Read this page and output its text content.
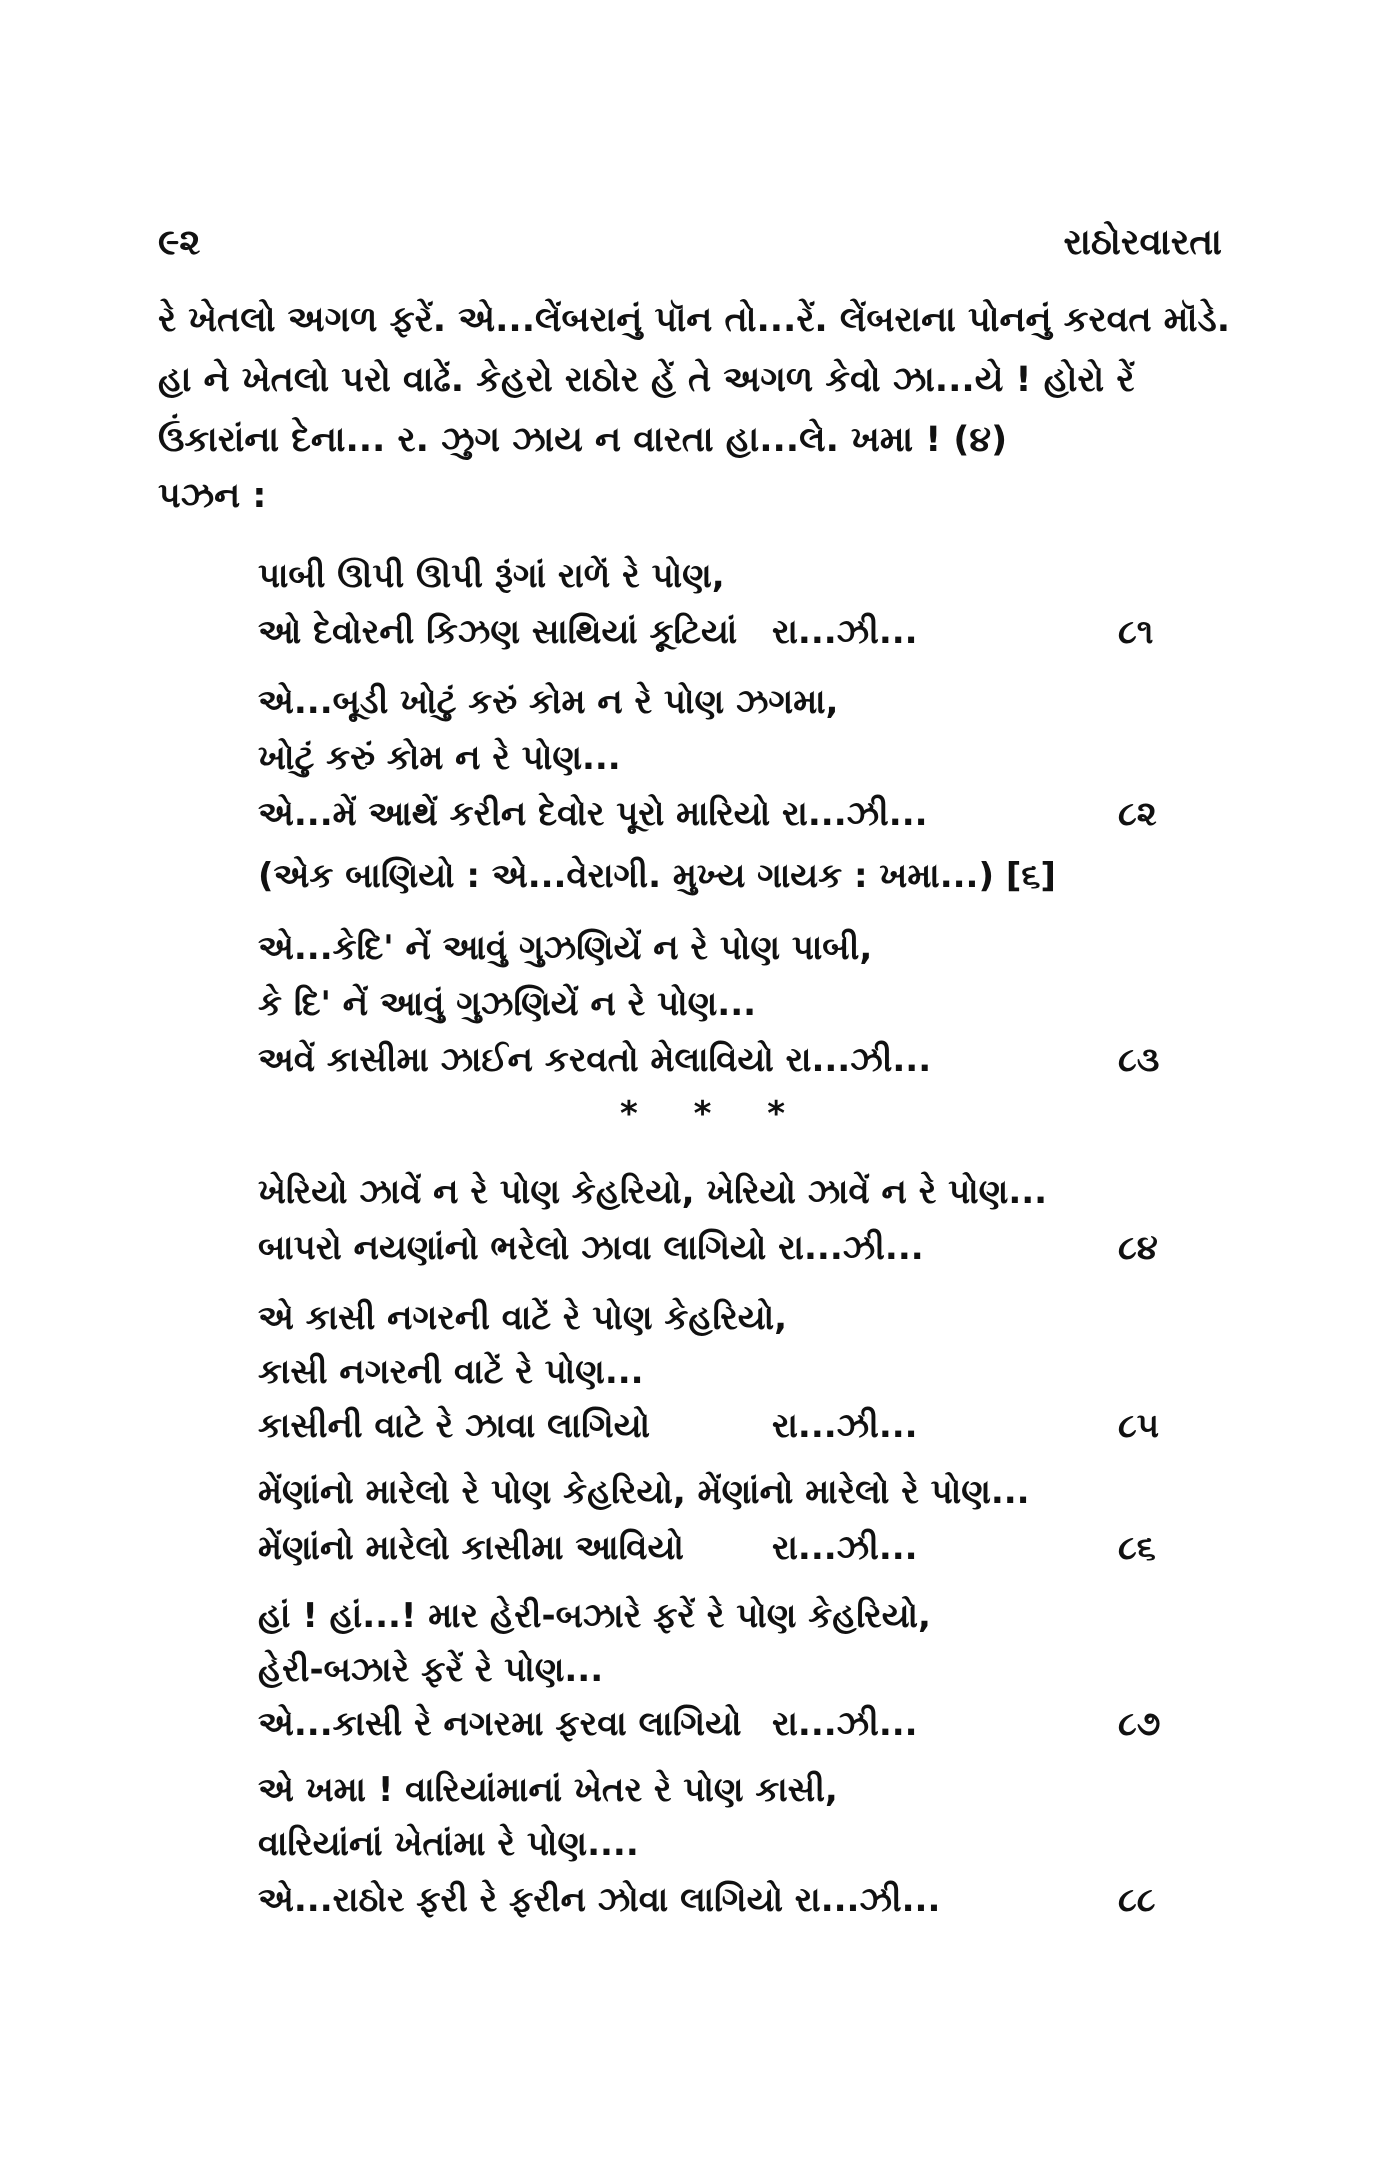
૯૨	રાઠોરવારતા
રે ખેતલો અગળ ફરેં. એ...લેંબરાનું પૉન તો...રેં. લેંબરાના પોનનું કરવત મૉડે.
હા ને ખેતલો પરો વાઢેં. કેહરો રાઠોર હેં તે અગળ કેવો ઝા...યે ! હોરો રેં
ઉંકારાંના દેના... ર. ઝુગ ઝાય ન વારતા હા...લે. ખમા ! (૪)
પઝન :
પાબી ઊપી ઊપી રૂંગાં રાળેં રે પોણ,
ઓ દેવોરની કિઝણ સાથિયાં કૂટિયાં રા...ઝી...	૮૧
એ...બૂડી ખોટું કરું કોમ ન રે પોણ ઝગમા,
ખોટું કરું કોમ ન રે પોણ...
એ...મેં આથેં કરીન દેવોર પૂરો મારિયો રા...ઝી...	૮૨
(એક બાણિયો : એ...વેરાગી. મુખ્ય ગાયક : ખમા...) [૬]
એ...કેદિ' નેં આવું ગુઝણિયેં ન રે પોણ પાબી,
કે દિ' નેં આવું ગુઝણિયેં ન રે પોણ...
અવેં કાસીમા ઝાઈન કરવતો મેલાવિયો રા...ઝી...	૮૩
* * *
ખેરિયો ઝાવેં ન રે પોણ કેહરિયો, ખેરિયો ઝાવેં ન રે પોણ...
બાપરો નયણાંનો ભરેલો ઝાવા લાગિયો રા...ઝી...	૮૪
એ કાસી નગરની વાટેં રે પોણ કેહરિયો,
કાસી નગરની વાટેં રે પોણ...
કાસીની વાટે રે ઝાવા લાગિયો	રા...ઝી...	૮૫
મેંણાંનો મારેલો રે પોણ કેહરિયો, મેંણાંનો મારેલો રે પોણ...
મેંણાંનો મારેલો કાસીમા આવિયો	રા...ઝી...	૮૬
હાં ! હાં...! માર હેરી-બઝારે ફરેં રે પોણ કેહરિયો,
હેરી-બઝારે ફરેં રે પોણ...
એ...કાસી રે નગરમા ફરવા લાગિયો રા...ઝી...	૮૭
એ ખમા ! વારિયાંમાનાં ખેતર રે પોણ કાસી,
વારિયાંનાં ખેતાંમા રે પોણ....
એ...રાઠોર ફરી રે ફરીન ઝોવા લાગિયો રા...ઝી...	૮૮
